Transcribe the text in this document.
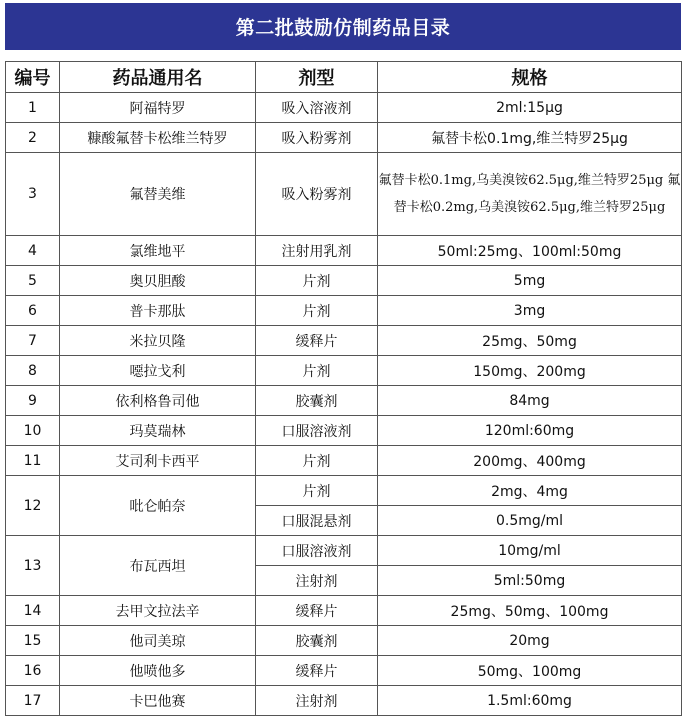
第二批鼓励仿制药品目录
编号	药品通用名	剂型	规格
1	阿福特罗	吸入溶液剂	2ml:15μg
2	糠酸氟替卡松维兰特罗	吸入粉雾剂	氟替卡松0.1mg,维兰特罗25μg
3	氟替美维	吸入粉雾剂	氟替卡松0.1mg,乌美溴铵62.5μg,维兰特罗25μg 氟替卡松0.2mg,乌美溴铵62.5μg,维兰特罗25μg
4	氯维地平	注射用乳剂	50ml:25mg、100ml:50mg
5	奥贝胆酸	片剂	5mg
6	普卡那肽	片剂	3mg
7	米拉贝隆	缓释片	25mg、50mg
8	噁拉戈利	片剂	150mg、200mg
9	依利格鲁司他	胶囊剂	84mg
10	玛莫瑞林	口服溶液剂	120ml:60mg
11	艾司利卡西平	片剂	200mg、400mg
12	吡仑帕奈	片剂	2mg、4mg
		口服混悬剂	0.5mg/ml
13	布瓦西坦	口服溶液剂	10mg/ml
		注射剂	5ml:50mg
14	去甲文拉法辛	缓释片	25mg、50mg、100mg
15	他司美琼	胶囊剂	20mg
16	他喷他多	缓释片	50mg、100mg
17	卡巴他赛	注射剂	1.5ml:60mg
